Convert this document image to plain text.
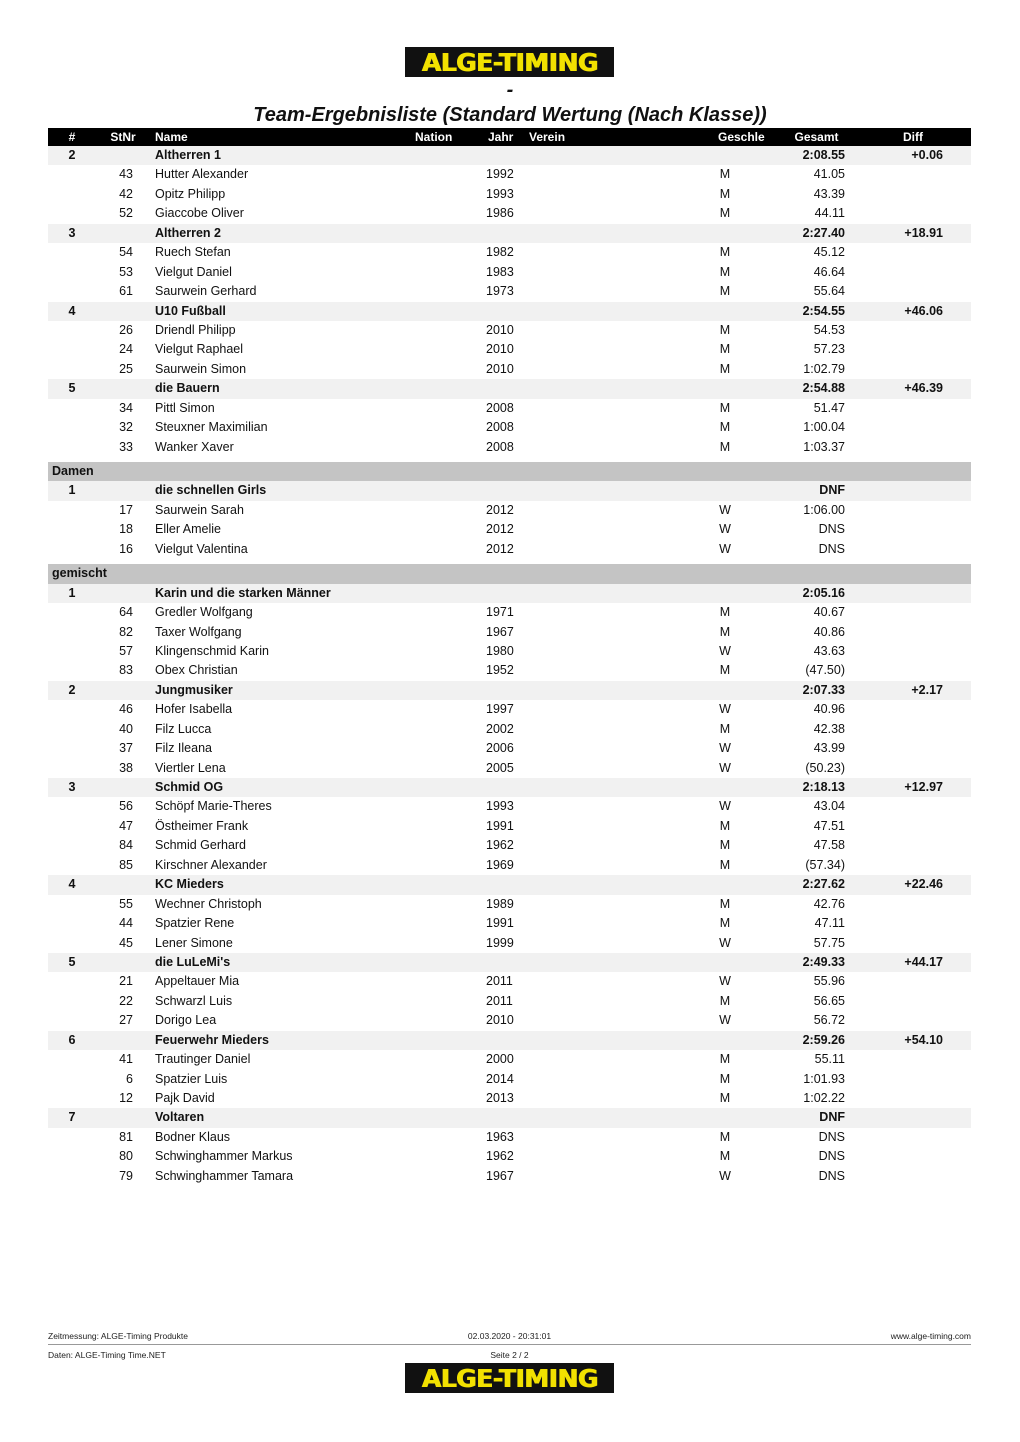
ALGE-TIMING
-
Team-Ergebnisliste (Standard Wertung (Nach Klasse))
#	StNr	Name	Nation	Jahr Verein	Geschle	Gesamt	Diff
2	Altherren 1	2:08.55	+0.06
43 Hutter Alexander	1992	M	41.05
42 Opitz Philipp	1993	M	43.39
52 Giaccobe Oliver	1986	M	44.11
3	Altherren 2	2:27.40	+18.91
54 Ruech Stefan	1982	M	45.12
53 Vielgut Daniel	1983	M	46.64
61 Saurwein Gerhard	1973	M	55.64
4	U10 Fußball	2:54.55	+46.06
26 Driendl Philipp	2010	M	54.53
24 Vielgut Raphael	2010	M	57.23
25 Saurwein Simon	2010	M	1:02.79
5	die Bauern	2:54.88	+46.39
34 Pittl Simon	2008	M	51.47
32 Steuxner Maximilian	2008	M	1:00.04
33 Wanker Xaver	2008	M	1:03.37
Damen
1	die schnellen Girls	DNF
17 Saurwein Sarah	2012	W	1:06.00
18 Eller Amelie	2012	W	DNS
16 Vielgut Valentina	2012	W	DNS
gemischt
1	Karin und die starken Männer	2:05.16
64 Gredler Wolfgang	1971	M	40.67
82 Taxer Wolfgang	1967	M	40.86
57 Klingenschmid Karin	1980	W	43.63
83 Obex Christian	1952	M	(47.50)
2	Jungmusiker	2:07.33	+2.17
46 Hofer Isabella	1997	W	40.96
40 Filz Lucca	2002	M	42.38
37 Filz Ileana	2006	W	43.99
38 Viertler Lena	2005	W	(50.23)
3	Schmid OG	2:18.13	+12.97
56 Schöpf Marie-Theres	1993	W	43.04
47 Östheimer Frank	1991	M	47.51
84 Schmid Gerhard	1962	M	47.58
85 Kirschner Alexander	1969	M	(57.34)
4	KC Mieders	2:27.62	+22.46
55 Wechner Christoph	1989	M	42.76
44 Spatzier Rene	1991	M	47.11
45 Lener Simone	1999	W	57.75
5	die LuLeMi's	2:49.33	+44.17
21 Appeltauer Mia	2011	W	55.96
22 Schwarzl Luis	2011	M	56.65
27 Dorigo Lea	2010	W	56.72
6	Feuerwehr Mieders	2:59.26	+54.10
41 Trautinger Daniel	2000	M	55.11
6 Spatzier Luis	2014	M	1:01.93
12 Pajk David	2013	M	1:02.22
7	Voltaren	DNF
81 Bodner Klaus	1963	M	DNS
80 Schwinghammer Markus	1962	M	DNS
79 Schwinghammer Tamara	1967	W	DNS
Zeitmessung: ALGE-Timing Produkte	02.03.2020 - 20:31:01	www.alge-timing.com
Daten: ALGE-Timing Time.NET	Seite 2 / 2
ALGE-TIMING
